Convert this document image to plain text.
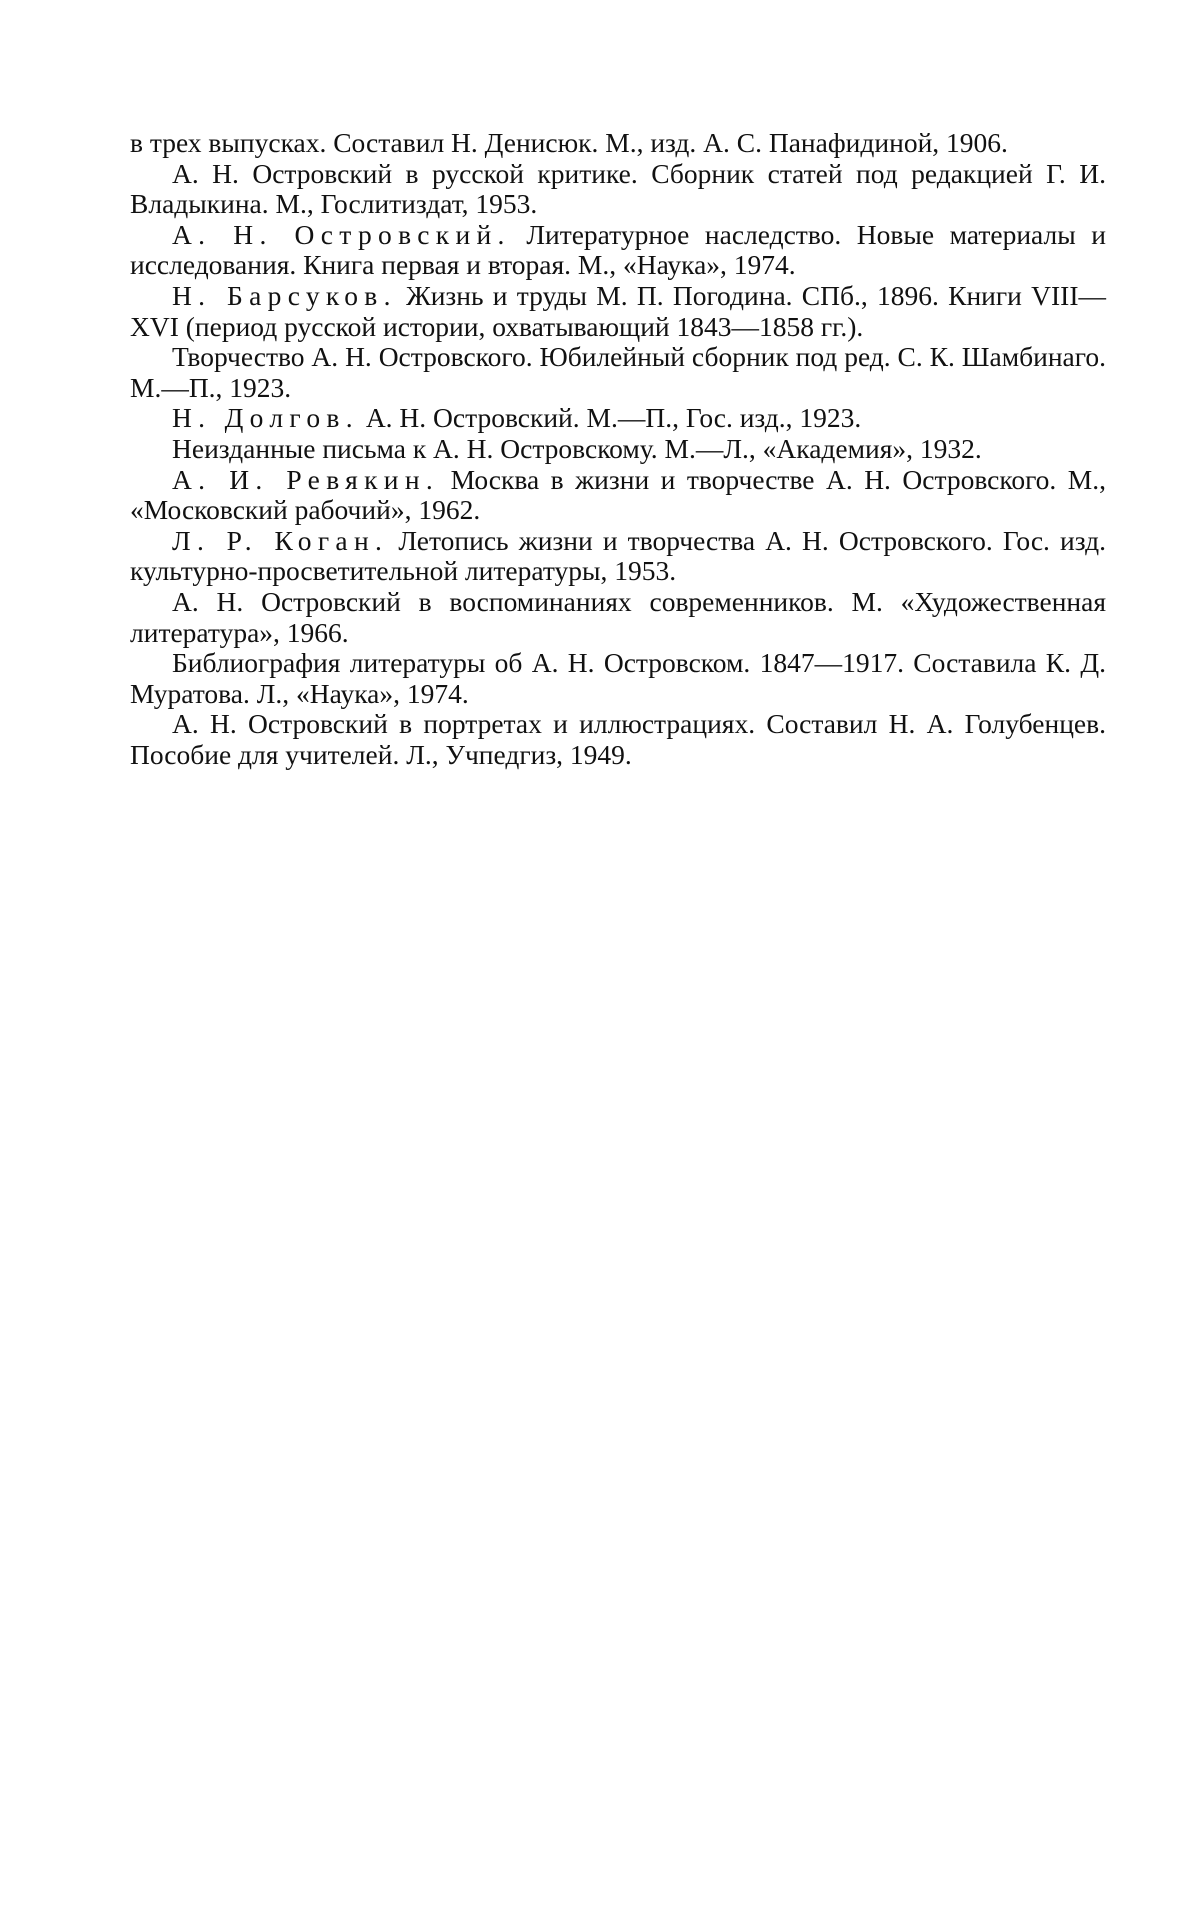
в трех выпусках. Составил Н. Денисюк. М., изд. А. С. Панафидиной, 1906.

А. Н. Островский в русской критике. Сборник статей под редакцией Г. И. Владыкина. М., Гослитиздат, 1953.

А. Н. Островский. Литературное наследство. Новые материалы и исследования. Книга первая и вторая. М., «Наука», 1974.

Н. Барсуков. Жизнь и труды М. П. Погодина. СПб., 1896. Книги VIII—XVI (период русской истории, охватывающий 1843—1858 гг.).

Творчество А. Н. Островского. Юбилейный сборник под ред. С. К. Шамбинаго. М.—П., 1923.

Н. Долгов. А. Н. Островский. М.—П., Гос. изд., 1923.

Неизданные письма к А. Н. Островскому. М.—Л., «Академия», 1932.

А. И. Ревякин. Москва в жизни и творчестве А. Н. Островского. М., «Московский рабочий», 1962.

Л. Р. Коган. Летопись жизни и творчества А. Н. Островского. Гос. изд. культурно-просветительной литературы, 1953.

А. Н. Островский в воспоминаниях современников. М. «Художественная литература», 1966.

Библиография литературы об А. Н. Островском. 1847—1917. Составила К. Д. Муратова. Л., «Наука», 1974.

А. Н. Островский в портретах и иллюстрациях. Составил Н. А. Голубенцев. Пособие для учителей. Л., Учпедгиз, 1949.
